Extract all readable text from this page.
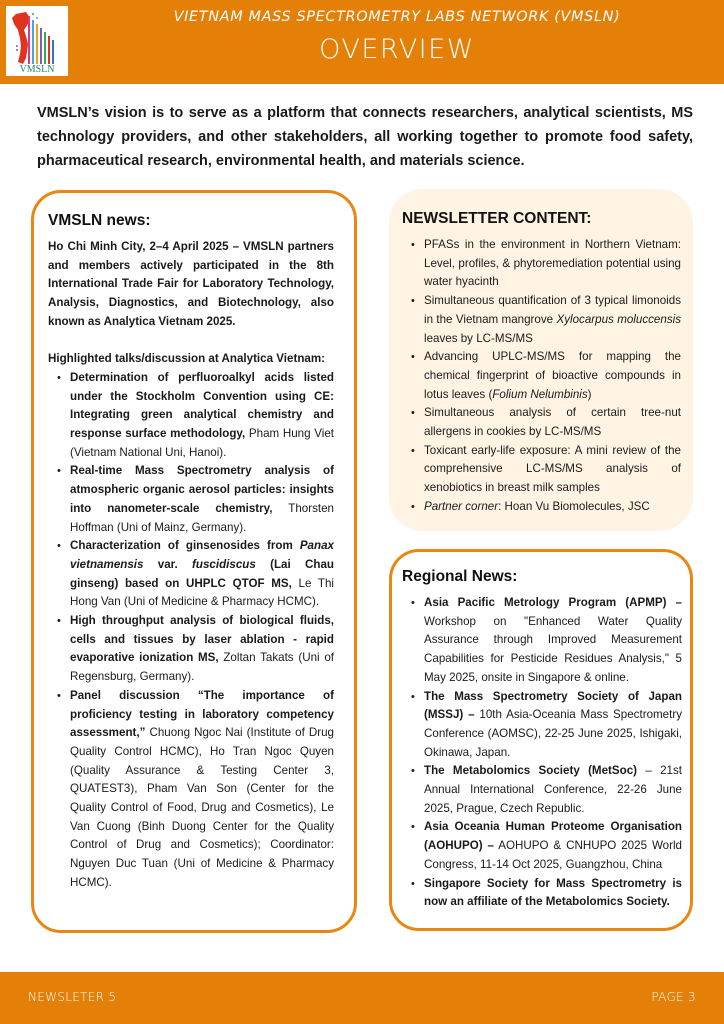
VMSLN
VIETNAM MASS SPECTROMETRY LABS NETWORK (VMSLN)
OVERVIEW
VMSLN’s vision is to serve as a platform that connects researchers, analytical scientists, MS technology providers, and other stakeholders, all working together to promote food safety, pharmaceutical research, environmental health, and materials science.
VMSLN news:
Ho Chi Minh City, 2–4 April 2025 – VMSLN partners and members actively participated in the 8th International Trade Fair for Laboratory Technology, Analysis, Diagnostics, and Biotechnology, also known as Analytica Vietnam 2025.
Highlighted talks/discussion at Analytica Vietnam:
• Determination of perfluoroalkyl acids listed under the Stockholm Convention using CE: Integrating green analytical chemistry and response surface methodology, Pham Hung Viet (Vietnam National Uni, Hanoi).
• Real-time Mass Spectrometry analysis of atmospheric organic aerosol particles: insights into nanometer-scale chemistry, Thorsten Hoffman (Uni of Mainz, Germany).
• Characterization of ginsenosides from Panax vietnamensis var. fuscidiscus (Lai Chau ginseng) based on UHPLC QTOF MS, Le Thi Hong Van (Uni of Medicine & Pharmacy HCMC).
• High throughput analysis of biological fluids, cells and tissues by laser ablation - rapid evaporative ionization MS, Zoltan Takats (Uni of Regensburg, Germany).
• Panel discussion “The importance of proficiency testing in laboratory competency assessment,” Chuong Ngoc Nai (Institute of Drug Quality Control HCMC), Ho Tran Ngoc Quyen (Quality Assurance & Testing Center 3, QUATEST3), Pham Van Son (Center for the Quality Control of Food, Drug and Cosmetics), Le Van Cuong (Binh Duong Center for the Quality Control of Drug and Cosmetics); Coordinator: Nguyen Duc Tuan (Uni of Medicine & Pharmacy HCMC).
NEWSLETTER CONTENT:
• PFASs in the environment in Northern Vietnam: Level, profiles, & phytoremediation potential using water hyacinth
• Simultaneous quantification of 3 typical limonoids in the Vietnam mangrove Xylocarpus moluccensis leaves by LC-MS/MS
• Advancing UPLC-MS/MS for mapping the chemical fingerprint of bioactive compounds in lotus leaves (Folium Nelumbinis)
• Simultaneous analysis of certain tree-nut allergens in cookies by LC-MS/MS
• Toxicant early-life exposure: A mini review of the comprehensive LC-MS/MS analysis of xenobiotics in breast milk samples
• Partner corner: Hoan Vu Biomolecules, JSC
Regional News:
• Asia Pacific Metrology Program (APMP) – Workshop on "Enhanced Water Quality Assurance through Improved Measurement Capabilities for Pesticide Residues Analysis," 5 May 2025, onsite in Singapore & online.
• The Mass Spectrometry Society of Japan (MSSJ) – 10th Asia-Oceania Mass Spectrometry Conference (AOMSC), 22-25 June 2025, Ishigaki, Okinawa, Japan.
• The Metabolomics Society (MetSoc) – 21st Annual International Conference, 22-26 June 2025, Prague, Czech Republic.
• Asia Oceania Human Proteome Organisation (AOHUPO) – AOHUPO & CNHUPO 2025 World Congress, 11-14 Oct 2025, Guangzhou, China
• Singapore Society for Mass Spectrometry is now an affiliate of the Metabolomics Society.
NEWSLETER 5	PAGE 3
